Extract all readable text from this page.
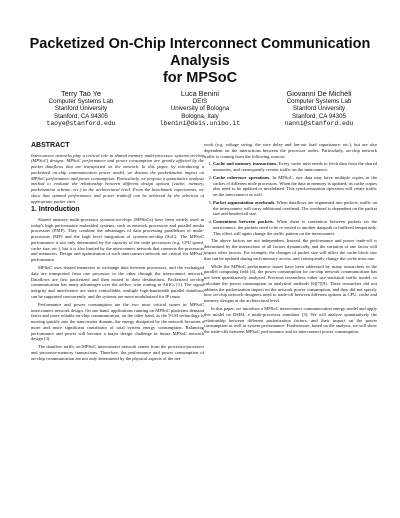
Packetized On-Chip Interconnect Communication Analysis
for MPSoC
Terry Tao Ye
Computer Systems Lab
Stanford University
Stanford, CA 94305
taoye@stanford.edu
Luca Benini
DEIS
University of Bologna
Bologna, Italy
lbenini@deis.unibo.it
Giovanni De Micheli
Computer Systems Lab
Stanford University
Stanford, CA 94305
nanni@stanford.edu
ABSTRACT

Interconnect networks play a critical role in shared memory multi-processor systems-on-chip (MPSoC) designs. MPSoC performance and power consumption are greatly affected by the packet dataflows that are transported on the network. In this paper, by introducing a packetized on-chip communication power model, we discuss the packetization impact on MPSoC performance and power consumption. Particularly, we propose a quantitative analysis method to evaluate the relationship between different design options (cache, memory, packetization scheme, etc.) at the architectural level. From the benchmark experiments, we show that optimal performance and power tradeoff can be achieved by the selection of appropriate packet sizes.

1. Introduction

Shared memory multi-processor systems-on-chips (MPSoCs) have been widely used in today's high performance embedded systems, such as network processors and parallel media processors (PMP). They combine the advantages of data processing parallelism of multi-processors (MP) and the high level integration of systems-on-chip (SoC). The MPSoC performance is not only determined by the capacity of the node processors (e.g. CPU speed, cache size, etc.), but it is also limited by the interconnect network that connects the processors and memories. Design and optimization of such interconnect network are critical for MPSoC performance.

MPSoC uses shared memories to exchange data between processors, and the exchanged data are transported from one processor to the other through the interconnect network. Dataflows are first packetized and then routed to their destinations. Packetized on-chip communication has many advantages over the ad-hoc wire routing in ASICs [1]. The signal integrity and interference are more controllable, multiple high-bandwidth parallel dataflows can be supported concurrently, and the systems are more modularized for IP reuse.

Performance and power consumption are the two most critical issues in MPSoC interconnect network design. On one hand, applications running on MPSoC platforms demand faster and more reliable on-chip communication, on the other hand, as the VLSI technology is moving quickly into the nano-meter domain, the energy dissipated by the network becomes a more and more significant contributor of total system energy consumption. Balancing performance and power will become a major design challenge in future MPSoC network design [3].

The dataflow traffic on MPSoC interconnect network comes from the processor-processor and processor-memory transactions. Therefore, the performance and power consumption of on-chip communication are not only determined by the physical aspects of the net-

work (e.g. voltage swing, the wire delay and fan-out load capacitance, etc.), but are also dependent on the interactions between the processor nodes. Particularly, on-chip network traffic is coming from the following sources:

1. Cache and memory transactions. Every cache miss needs to fetch data from the shared memories, and consequently creates traffic on the interconnect.
2. Cache coherence operations. In MPSoC, one data may have multiple copies in the caches of different node processors. When the data in memory is updated, its cache copies also need to be updated or invalidated. This synchronization operation will create traffic on the interconnect as well.
3. Packet segmentation overheads. When dataflows are segmented into packets, traffic on the interconnect will carry additional overhead. The overhead is dependent on the packet size and header/tail size.
4. Contentions between packets. When there is contention between packets on the interconnect, the packets need to be re-routed to another datapath or buffered temporarily. This effect will again change the traffic pattern on the interconnect.

The above factors are not independent. Instead, the performance and power trade-off is determined by the interactions of all factors dynamically, and the variation of one factor will impact other factors. For example, the changes of packet size will affect the cache block size that can be updated during each memory access, and consequently change the cache miss rate.

While the MPSoC performance issues have been addressed by many researchers in the parallel computing field [4], the power consumption for on-chip network communication has not been quantitatively analyzed. Previous researchers either use statistical traffic model, or calculate the power consumption in analytical methods [6][7][8]. These researches did not address the packetization impact on the network power consumption, and they did not specify how on-chip network designers need to trade-off between different options in CPU, cache and memory designs at the architectural level.

In this paper, we introduce a MPSoC interconnect communication energy model and apply this model on RSIM, a multi-processor simulator [5]. We will analyze quantitatively the relationship between different packetization factors, and their impact on the power consumption as well as system performance. Furthermore, based on the analysis, we will show the trade-offs between MPSoC performance and its interconnect power consumption.
